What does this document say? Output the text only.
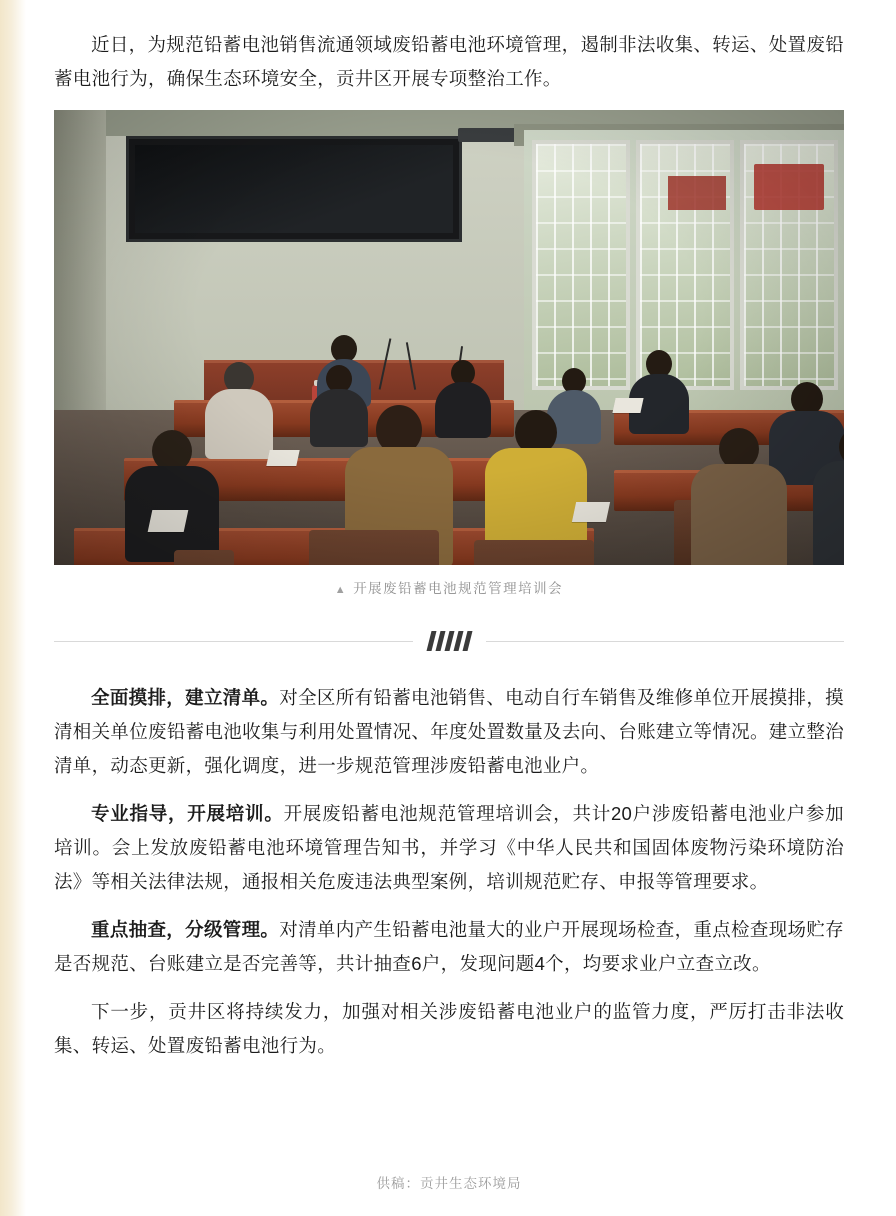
近日，为规范铅蓄电池销售流通领域废铅蓄电池环境管理，遏制非法收集、转运、处置废铅蓄电池行为，确保生态环境安全，贡井区开展专项整治工作。

▲ 开展废铅蓄电池规范管理培训会

全面摸排，建立清单。对全区所有铅蓄电池销售、电动自行车销售及维修单位开展摸排，摸清相关单位废铅蓄电池收集与利用处置情况、年度处置数量及去向、台账建立等情况。建立整治清单，动态更新，强化调度，进一步规范管理涉废铅蓄电池业户。

专业指导，开展培训。开展废铅蓄电池规范管理培训会，共计20户涉废铅蓄电池业户参加培训。会上发放废铅蓄电池环境管理告知书，并学习《中华人民共和国固体废物污染环境防治法》等相关法律法规，通报相关危废违法典型案例，培训规范贮存、申报等管理要求。

重点抽查，分级管理。对清单内产生铅蓄电池量大的业户开展现场检查，重点检查现场贮存是否规范、台账建立是否完善等，共计抽查6户，发现问题4个，均要求业户立查立改。

下一步，贡井区将持续发力，加强对相关涉废铅蓄电池业户的监管力度，严厉打击非法收集、转运、处置废铅蓄电池行为。

供稿：贡井生态环境局
